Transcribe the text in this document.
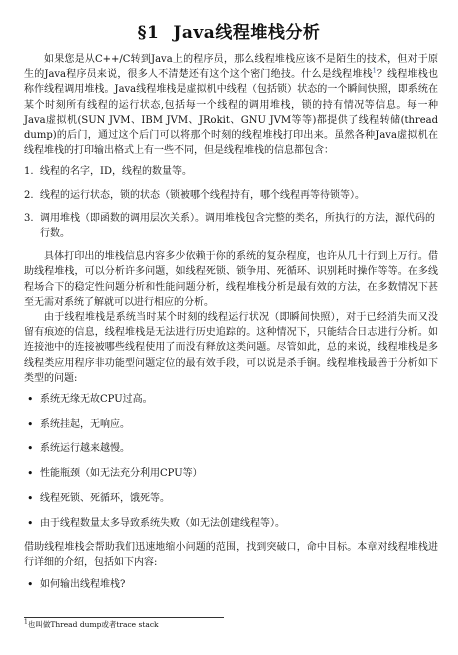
§1 Java线程堆栈分析

如果您是从C++/C转到Java上的程序员，那么线程堆栈应该不是陌生的技术，但对于原生的Java程序员来说，很多人不清楚还有这个这个密门绝技。什么是线程堆栈$^1$？线程堆栈也称作线程调用堆栈。Java线程堆栈是虚拟机中线程（包括锁）状态的一个瞬间快照，即系统在某个时刻所有线程的运行状态,包括每一个线程的调用堆栈，锁的持有情况等信息。每一种Java虚拟机(SUN JVM、IBM JVM、JRokit、GNU JVM等等)都提供了线程转储(thread dump)的后门，通过这个后门可以将那个时刻的线程堆栈打印出来。虽然各种Java虚拟机在线程堆栈的打印输出格式上有一些不同，但是线程堆栈的信息都包含：

1. 线程的名字，ID，线程的数量等。
2. 线程的运行状态，锁的状态（锁被哪个线程持有，哪个线程再等待锁等）。
3. 调用堆栈（即函数的调用层次关系）。调用堆栈包含完整的类名，所执行的方法，源代码的行数。

具体打印出的堆栈信息内容多少依赖于你的系统的复杂程度，也许从几十行到上万行。借助线程堆栈，可以分析许多问题，如线程死锁、锁争用、死循环、识别耗时操作等等。在多线程场合下的稳定性问题分析和性能问题分析，线程堆栈分析是最有效的方法，在多数情况下甚至无需对系统了解就可以进行相应的分析。

由于线程堆栈是系统当时某个时刻的线程运行状况（即瞬间快照），对于已经消失而又没留有痕迹的信息，线程堆栈是无法进行历史追踪的。这种情况下，只能结合日志进行分析。如连接池中的连接被哪些线程使用了而没有释放这类问题。尽管如此，总的来说，线程堆栈是多线程类应用程序非功能型问题定位的最有效手段，可以说是杀手锏。线程堆栈最善于分析如下类型的问题:

• 系统无缘无故CPU过高。
• 系统挂起，无响应。
• 系统运行越来越慢。
• 性能瓶颈（如无法充分利用CPU等）
• 线程死锁、死循环，饿死等。
• 由于线程数量太多导致系统失败（如无法创建线程等）。

借助线程堆栈会帮助我们迅速地缩小问题的范围，找到突破口，命中目标。本章对线程堆栈进行详细的介绍，包括如下内容:

• 如何输出线程堆栈?
$^1$也叫做Thread dump或者trace stack
